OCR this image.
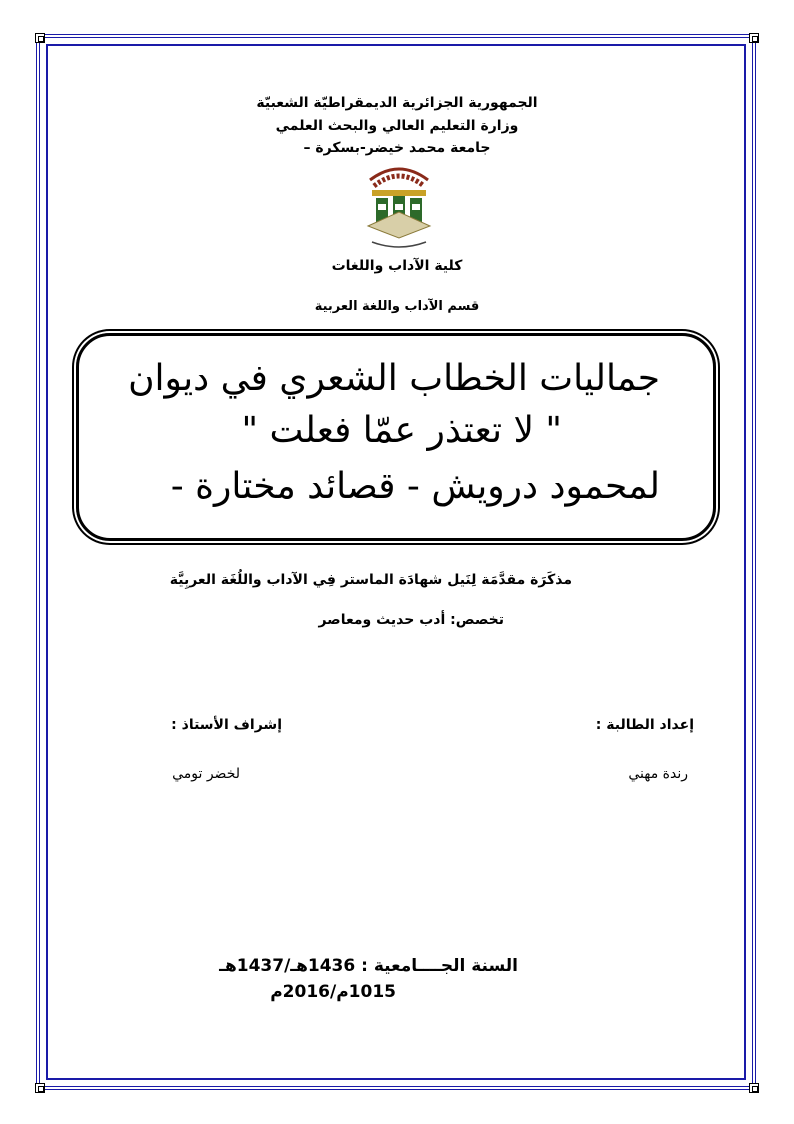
الجمهورية الجزائرية الديمقراطيّة الشعبيّة
وزارة التعليم العالي والبحث العلمي
جامعة محمد خيضر-بسكرة –
كلية الآداب واللغات
قسم الآداب واللغة العربية
جماليات الخطاب الشعري في ديوان
" لا تعتذر عمّا فعلت "
لمحمود درويش - قصائد مختارة -
مذكَرَة مقدَّمَة لِنَيل شهادَة الماستر فِي الآداب واللُغَة العربِيَّة
تخصص: أدب حديث ومعاصر
إعداد الطالبة :
رندة مهني
إشراف الأستاذ :
لخضر تومي
السنة الجــــامعية : 1436هـ/1437هـ
1015م/2016م
